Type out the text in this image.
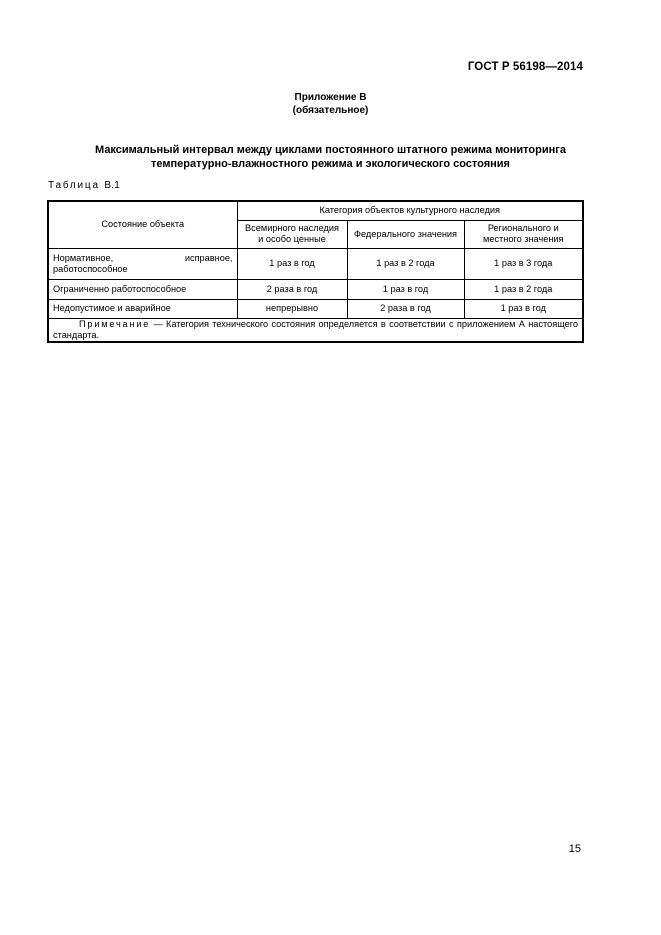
ГОСТ Р 56198—2014
Приложение В
(обязательное)
Максимальный интервал между циклами постоянного штатного режима мониторинга
температурно-влажностного режима и экологического состояния
Таблица В.1
Состояние объекта	Категория объектов культурного наследия		
	Всемирного наследия и особо ценные	Федерального значения	Регионального и местного значения
Нормативное, исправное, работоспособное	1 раз в год	1 раз в 2 года	1 раз в 3 года
Ограниченно работоспособное	2 раза в год	1 раз в год	1 раз в 2 года
Недопустимое и аварийное	непрерывно	2 раза в год	1 раз в год
Примечание — Категория технического состояния определяется в соответствии с приложением А настоящего стандарта.			
15
